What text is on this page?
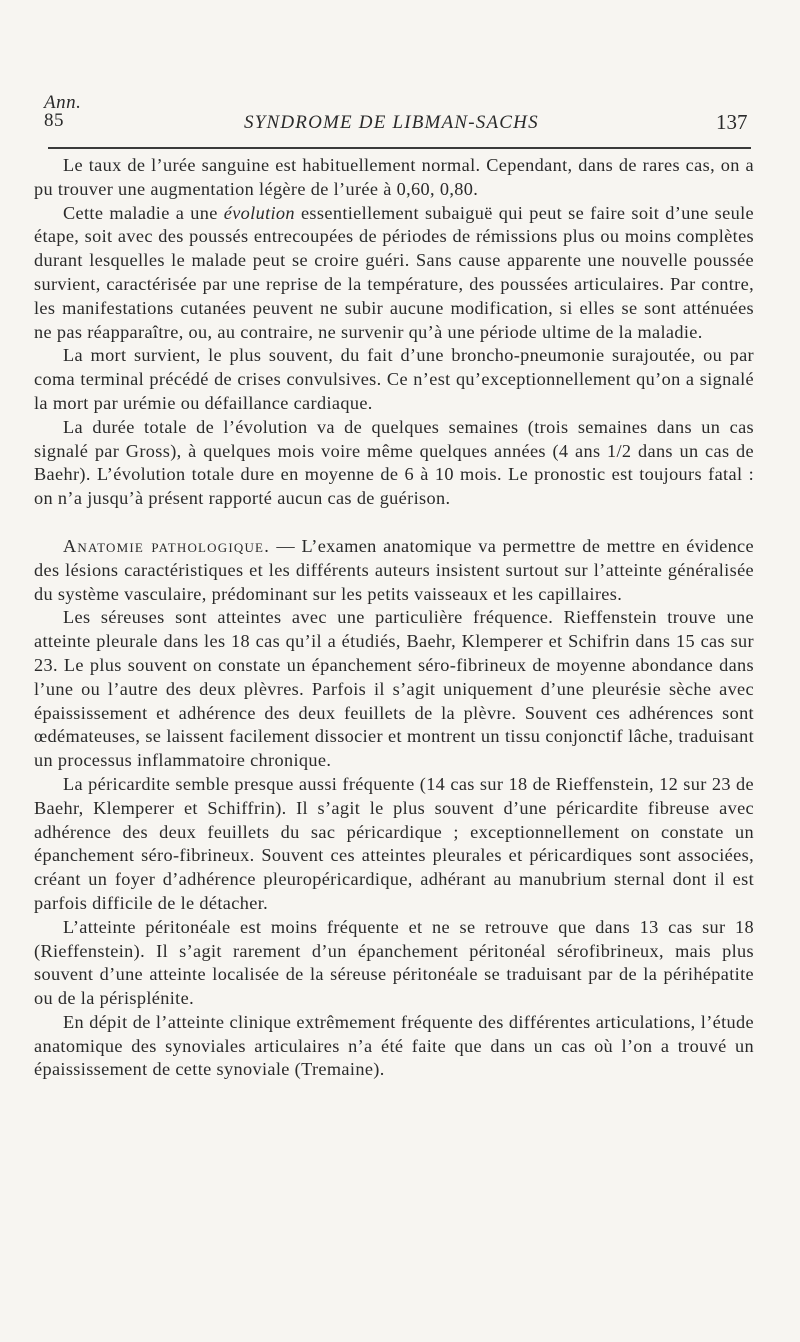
Ann.
85	SYNDROME DE LIBMAN-SACHS	137

Le taux de l’urée sanguine est habituellement normal. Cependant, dans de rares cas, on a pu trouver une augmentation légère de l’urée à 0,60, 0,80.

Cette maladie a une évolution essentiellement subaiguë qui peut se faire soit d’une seule étape, soit avec des poussés entrecoupées de périodes de rémissions plus ou moins complètes durant lesquelles le malade peut se croire guéri. Sans cause apparente une nouvelle poussée survient, caractérisée par une reprise de la température, des poussées articulaires. Par contre, les manifestations cutanées peuvent ne subir aucune modification, si elles se sont atténuées ne pas réapparaître, ou, au contraire, ne survenir qu’à une période ultime de la maladie.

La mort survient, le plus souvent, du fait d’une broncho-pneumonie surajoutée, ou par coma terminal précédé de crises convulsives. Ce n’est qu’exceptionnellement qu’on a signalé la mort par urémie ou défaillance cardiaque.

La durée totale de l’évolution va de quelques semaines (trois semaines dans un cas signalé par Gross), à quelques mois voire même quelques années (4 ans 1/2 dans un cas de Baehr). L’évolution totale dure en moyenne de 6 à 10 mois. Le pronostic est toujours fatal : on n’a jusqu’à présent rapporté aucun cas de guérison.

Anatomie pathologique. — L’examen anatomique va permettre de mettre en évidence des lésions caractéristiques et les différents auteurs insistent surtout sur l’atteinte généralisée du système vasculaire, prédominant sur les petits vaisseaux et les capillaires.

Les séreuses sont atteintes avec une particulière fréquence. Rieffenstein trouve une atteinte pleurale dans les 18 cas qu’il a étudiés, Baehr, Klemperer et Schifrin dans 15 cas sur 23. Le plus souvent on constate un épanchement séro-fibrineux de moyenne abondance dans l’une ou l’autre des deux plèvres. Parfois il s’agit uniquement d’une pleurésie sèche avec épaississement et adhérence des deux feuillets de la plèvre. Souvent ces adhérences sont œdémateuses, se laissent facilement dissocier et montrent un tissu conjonctif lâche, traduisant un processus inflammatoire chronique.

La péricardite semble presque aussi fréquente (14 cas sur 18 de Rieffenstein, 12 sur 23 de Baehr, Klemperer et Schiffrin). Il s’agit le plus souvent d’une péricardite fibreuse avec adhérence des deux feuillets du sac péricardique ; exceptionnellement on constate un épanchement séro-fibrineux. Souvent ces atteintes pleurales et péricardiques sont associées, créant un foyer d’adhérence pleuropéricardique, adhérant au manubrium sternal dont il est parfois difficile de le détacher.

L’atteinte péritonéale est moins fréquente et ne se retrouve que dans 13 cas sur 18 (Rieffenstein). Il s’agit rarement d’un épanchement péritonéal sérofibrineux, mais plus souvent d’une atteinte localisée de la séreuse péritonéale se traduisant par de la périhépatite ou de la périsplénite.

En dépit de l’atteinte clinique extrêmement fréquente des différentes articulations, l’étude anatomique des synoviales articulaires n’a été faite que dans un cas où l’on a trouvé un épaississement de cette synoviale (Tremaine).
